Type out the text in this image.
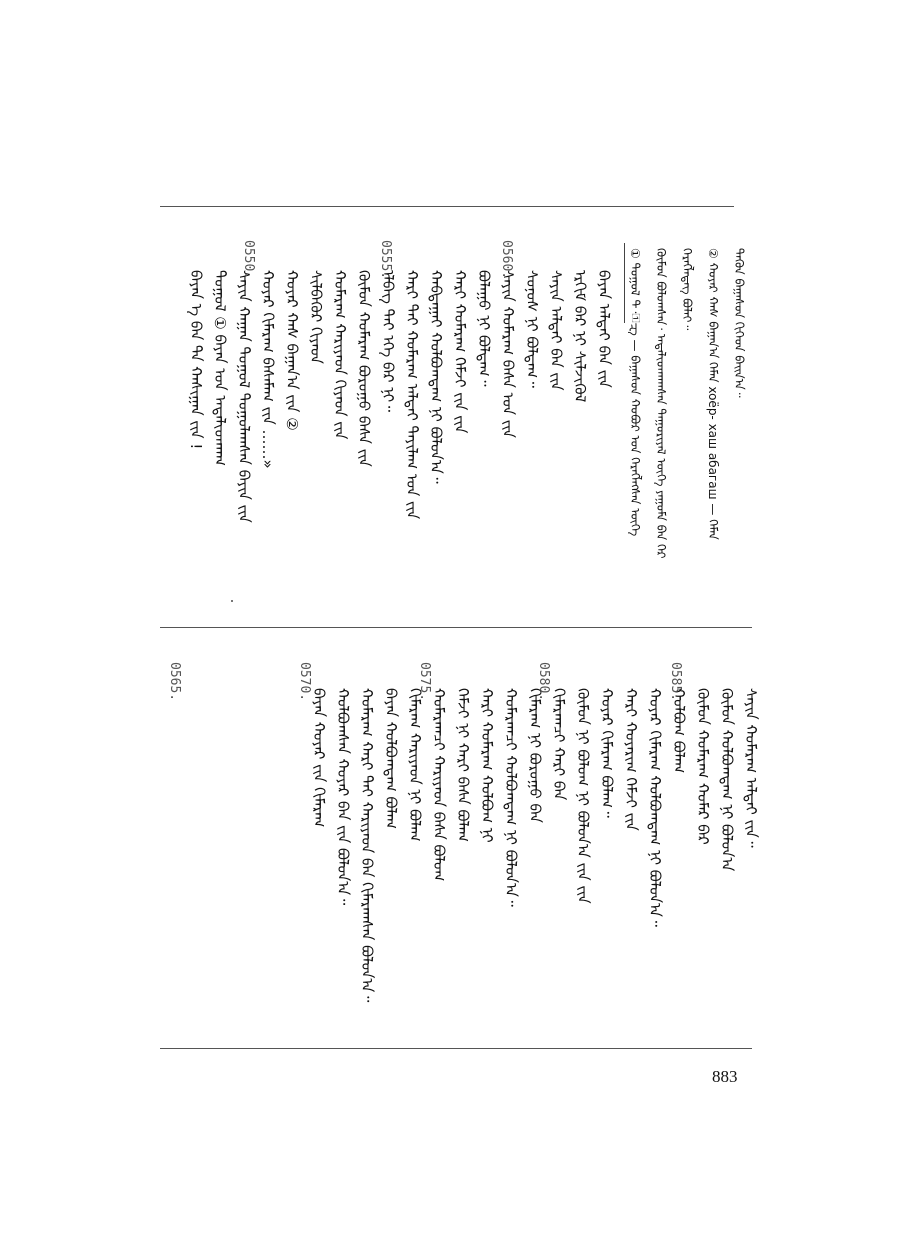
ᠲᠡᠭᠦᠨ ᠪᠠᠭᠠᠰᠤᠨ ᠬᠢᠭᠡᠳ ᠪᠠᠢ᠌ᠨ᠎ᠠ᠃
② ᠬᠣᠶᠠᠷ ᠬᠠᠰ ᠪᠠᠭᠠᠨ᠎ᠠ ᠬᠡᠮᠡᠨ xoёр- xaш aбaгaш — ᠬᠡᠮᠡᠨ
ᠬᠡᠷᠡᠭᠯᠡᠳᠡᠭ ᠪᠣᠯᠠᠢ᠃
ᠬᠦᠮᠦᠨ ᠪᠣᠯᠣᠭᠰᠠᠨ᠂ ᠠᠳᠠᠯᠢᠳᠬᠠᠭᠰᠠᠨ ᠳᠠᠭᠤᠷᠢᠶᠠᠯ ᠦᠭᠡ ᠶᠠᠭᠤᠮᠠ ᠪᠠᠨ ᠭᠡᠷ
① ᠲᠣᠭᠣᠯ ᠲ᠂᠋ᠽᠠ᠋ — ᠪᠠᠭᠠᠰᠤᠨ ᠬᠣᠪᠣᠷ ᠤᠨ ᠬᠡᠷᠡᠭᠯᠡᠭᠰᠡᠨ ᠦᠭᠡ
ᠪᠠᠶᠠᠨ ᠠᠯᠲᠠᠶ ᠪᠠᠨ ᠵᠢᠨ
ᠡᠷᠬᠢᠮ ᠪᠡᠷ ᠨᠢ ᠰᠢᠯᠵᠢᠭᠦᠯ
ᠰᠠᠶᠢᠨ ᠠᠯᠲᠠᠶ ᠪᠠᠨ ᠵᠢᠨ
ᠰᠣᠨᠣᠰ ᠨᠢ ᠪᠣᠯᠳᠠᠭ᠃
ᠰᠠᠶᠢᠨ ᠬᠤᠮᠠᠷᠠᠭ ᠪᠠᠰᠠ ᠤᠨ ᠵᠢᠨ
ᠪᠤᠯᠠᠭᠤ ᠨᠢ ᠪᠣᠯᠳᠠᠭ᠃
ᠬᠠᠷᠢ ᠬᠤᠮᠠᠷᠠᠭ ᠬᠡᠮᠵᠢ ᠶ᠋ᠢᠨ ᠵᠢᠨ
ᠬᠠᠪᠲᠠᠭᠠᠶ ᠬᠣᠯᠪᠣᠭᠳᠠᠭ ᠨᠢ ᠪᠣᠯᠣᠨ᠎ᠠ᠃
ᠬᠠᠷᠢ ᠲᠡᠶ ᠬᠤᠮᠠᠷᠠᠭ ᠠᠯᠲᠠᠶ ᠲᠠᠶᠢᠯᠠᠭ ᠤᠨ ᠵᠢᠨ
ᠡᠯᠪᠡᠭ ᠲᠡᠶ ᠡᠬᠡ ᠪᠡᠷ ᠨᠢ᠃
ᠬᠦᠮᠦᠨ ᠬᠤᠮᠠᠷᠠᠭ ᠪᠣᠷᠣᠭᠤ ᠪᠠᠰᠠ ᠵᠢᠨ
ᠬᠤᠮᠠᠷᠠᠭ ᠬᠠᠷᠢᠶᠠᠳ ᠬᠢᠶᠠᠳ ᠵᠢᠨ
ᠰᠢᠯᠪᠡᠭᠦᠷ ᠬᠢᠶᠠᠳ
ᠬᠣᠶᠠᠷ ᠬᠠᠰ ᠪᠠᠭᠠᠨ᠎ᠠ ᠵᠢᠨ ②
ᠬᠣᠶᠠᠷ ᠬᠢᠮᠠᠷᠠᠭ ᠪᠠᠰᠠᠮᠠᠭ ᠵᠢᠨ ……»
ᠰᠠᠶᠢᠨ ᠬᠠᠭᠠᠨ ᠲᠣᠭᠣᠯ ᠲᠣᠭᠣᠯᠠᠭᠰᠠᠨ ᠪᠠᠶᠢᠨ ᠵᠢᠨ
ᠲᠣᠭᠣᠯ ① ᠪᠠᠶᠠᠨ ᠤᠨ ᠠᠳᠠᠯᠢᠳᠬᠠᠭ
ᠪᠠᠶᠠᠨ ᠡ ᠪᠡᠨ ᠲᠠ ᠬᠠᠰᠢᠭᠠᠨ ᠵᠢᠨ !
0560.
0555.
0550.
ᠰᠠᠶᠢᠨ ᠬᠤᠮᠠᠷᠠᠭ ᠠᠯᠲᠠᠶ ᠵᠢᠨ᠃
ᠬᠦᠮᠦᠨ ᠬᠣᠯᠪᠣᠭᠳᠠᠭ ᠨᠢ ᠪᠣᠯᠣᠨ᠎ᠠ
ᠬᠦᠮᠦᠨ ᠬᠤᠮᠠᠷᠠᠭ ᠬᠤᠮᠠᠷ ᠪᠡᠷ
ᠬᠣᠯᠪᠣᠭ ᠪᠤᠯᠠᠭ
ᠬᠣᠶᠠᠷ ᠬᠢᠮᠠᠷᠠᠭ ᠬᠣᠯᠪᠣᠭᠳᠠᠭ ᠨᠢ ᠪᠣᠯᠣᠨ᠎ᠠ᠃
ᠬᠠᠷᠢ ᠬᠣᠶᠠᠷᠢᠭ ᠬᠡᠮᠵᠢ ᠵᠢᠨ
ᠬᠣᠶᠠᠷ ᠬᠢᠮᠠᠷᠠᠭ ᠪᠤᠯᠠᠭ᠃
ᠬᠦᠮᠦᠨ ᠨᠢ ᠪᠣᠯᠣᠭ ᠨᠢ ᠪᠣᠯᠣᠨ᠎ᠠ ᠵᠢᠨ ᠵᠢᠨ
ᠬᠢᠮᠠᠷᠠᠭᠴᠢ ᠬᠠᠷᠢ ᠪᠡᠨ
ᠬᠢᠮᠠᠷᠠᠭ ᠨᠢ ᠪᠣᠷᠣᠭᠤ ᠪᠡᠨ
ᠬᠤᠮᠠᠷᠠᠭᠴᠢ ᠬᠣᠯᠪᠣᠭᠳᠠᠭ ᠨᠢ ᠪᠣᠯᠣᠨ᠎ᠠ᠃
ᠬᠠᠷᠢ ᠬᠤᠮᠠᠷᠠᠭ ᠬᠣᠯᠪᠣᠭ ᠨᠢ
ᠬᠡᠮᠵᠢ ᠨᠢ ᠬᠠᠷᠢ ᠪᠠᠰᠠ ᠪᠤᠯᠠᠭ
ᠬᠤᠮᠠᠷᠠᠭᠴᠢ ᠬᠠᠷᠢᠶᠠᠳ ᠪᠠᠰᠠ ᠪᠣᠯᠣᠭ
ᠬᠢᠮᠠᠷᠠᠭ ᠬᠠᠷᠢᠶᠠᠳ ᠨᠢ ᠪᠤᠯᠠᠭ
ᠪᠠᠶᠠᠨ ᠬᠣᠯᠪᠣᠭᠳᠠᠭ ᠪᠤᠯᠠᠭ
ᠬᠤᠮᠠᠷᠠᠭ ᠬᠠᠷᠢ ᠲᠡᠶ ᠬᠠᠷᠢᠶᠠᠳ ᠪᠡᠨ ᠬᠢᠮᠠᠷᠠᠭᠰᠠᠨ ᠪᠣᠯᠣᠨ᠎ᠠ᠃
ᠬᠣᠯᠪᠣᠭᠰᠠᠨ ᠬᠣᠶᠠᠷ ᠪᠠᠨ ᠵᠢᠨ ᠪᠣᠯᠣᠨ᠎ᠠ᠃
ᠪᠠᠶᠠᠨ ᠬᠣᠶᠠᠷ ᠵᠢᠨ ᠬᠢᠮᠠᠷᠠᠭ
0585.
0580.
0575.
0570.
0565.
883
